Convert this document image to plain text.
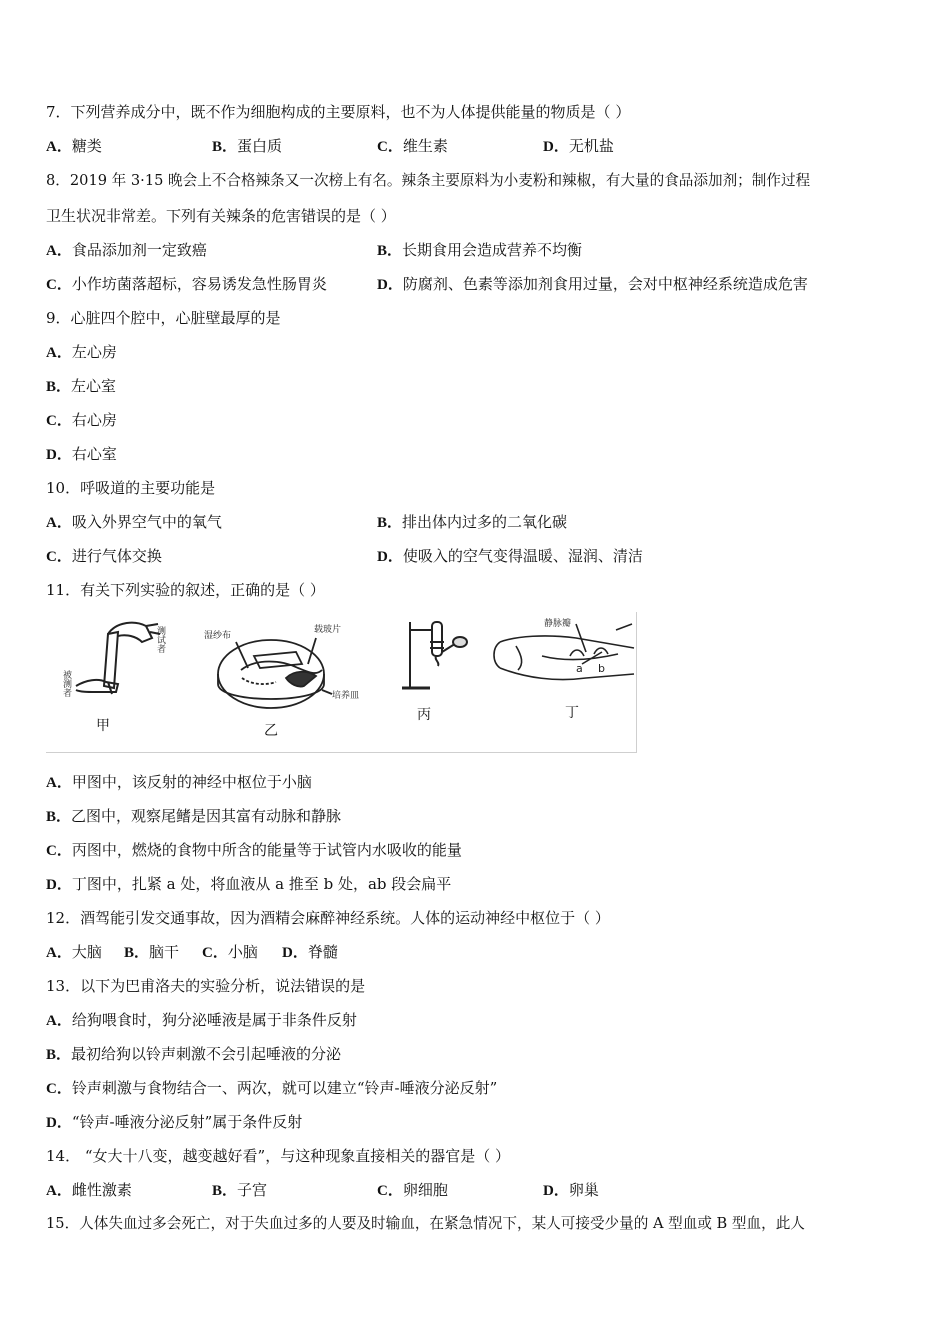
7．下列营养成分中，既不作为细胞构成的主要原料，也不为人体提供能量的物质是（ ）
A．糖类	B．蛋白质	C．维生素	D．无机盐
8．2019 年 3·15 晚会上不合格辣条又一次榜上有名。辣条主要原料为小麦粉和辣椒，有大量的食品添加剂；制作过程
卫生状况非常差。下列有关辣条的危害错误的是（ ）
A．食品添加剂一定致癌	B．长期食用会造成营养不均衡
C．小作坊菌落超标，容易诱发急性肠胃炎	D．防腐剂、色素等添加剂食用过量，会对中枢神经系统造成危害
9．心脏四个腔中，心脏壁最厚的是
A．左心房
B．左心室
C．右心房
D．右心室
10．呼吸道的主要功能是
A．吸入外界空气中的氧气	B．排出体内过多的二氧化碳
C．进行气体交换	D．使吸入的空气变得温暖、湿润、清洁
11．有关下列实验的叙述，正确的是（ ）
测试者
被测者
湿纱布
载玻片
培养皿
静脉瓣
a b
甲	乙
丙	丁
A．甲图中，该反射的神经中枢位于小脑
B．乙图中，观察尾鳍是因其富有动脉和静脉
C．丙图中，燃烧的食物中所含的能量等于试管内水吸收的能量
D．丁图中，扎紧 a 处，将血液从 a 推至 b 处，ab 段会扁平
12．酒驾能引发交通事故，因为酒精会麻醉神经系统。人体的运动神经中枢位于（ ）
A．大脑 B．脑干 C．小脑 D．脊髓
13．以下为巴甫洛夫的实验分析，说法错误的是
A．给狗喂食时，狗分泌唾液是属于非条件反射
B．最初给狗以铃声刺激不会引起唾液的分泌
C．铃声刺激与食物结合一、两次，就可以建立“铃声-唾液分泌反射”
D．“铃声-唾液分泌反射”属于条件反射
14． “女大十八变，越变越好看”，与这种现象直接相关的器官是（ ）
A．雌性激素	B．子宫	C．卵细胞	D．卵巢
15．人体失血过多会死亡，对于失血过多的人要及时输血，在紧急情况下，某人可接受少量的 A 型血或 B 型血，此人
